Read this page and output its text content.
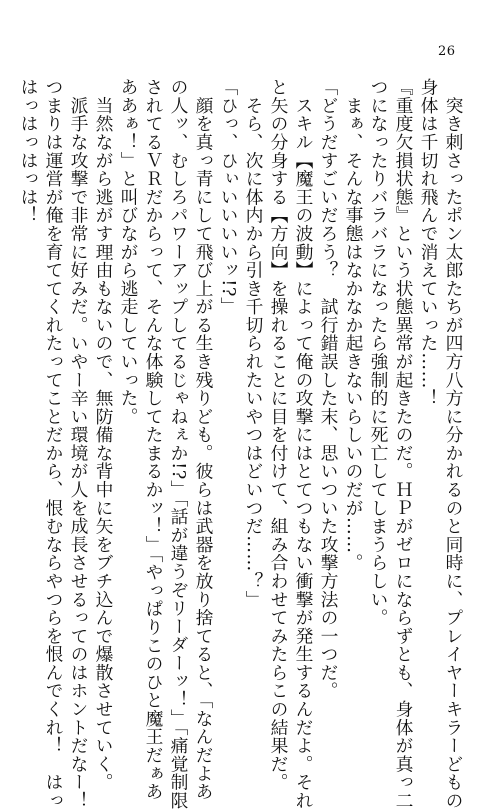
26
　突き刺さったポン太郎たちが四方八方に分かれるのと同時に、プレイヤーキラーどもの
身体は千切れ飛んで消えていった……！
『重度欠損状態』という状態異常が起きたのだ。ＨＰがゼロにならずとも、身体が真っ二
つになったりバラバラになったら強制的に死亡してしまうらしい。
　まぁ、そんな事態はなかなか起きないらしいのだが……。
「どうだすごいだろう？　試行錯誤した末、思いついた攻撃方法の一つだ。
　スキル【魔王の波動】によって俺の攻撃にはとてつもない衝撃が発生するんだよ。それ
と矢の分身する【方向】を操れることに目を付けて、組み合わせてみたらこの結果だ。
　そら、次に体内から引き千切られたいやつはどいつだ……？」
「ひっ、ひぃいいいいッ!?」
　顔を真っ青にして飛び上がる生き残りども。彼らは武器を放り捨てると、「なんだよあ
の人ッ、むしろパワーアップしてるじゃねぇか!?」「話が違うぞリーダーッ！」「痛覚制限
されてるＶＲだからって、そんな体験してたまるかッ！」「やっぱりこのひと魔王だぁあ
ああぁ！」と叫びながら逃走していった。
　当然ながら逃がす理由もないので、無防備な背中に矢をブチ込んで爆散させていく。
　派手な攻撃で非常に好みだ。いやー辛い環境が人を成長させるってのはホントだなー！
つまりは運営が俺を育ててくれたってことだから、恨むならやつらを恨んでくれ！　はっ
はっはっはっは！
